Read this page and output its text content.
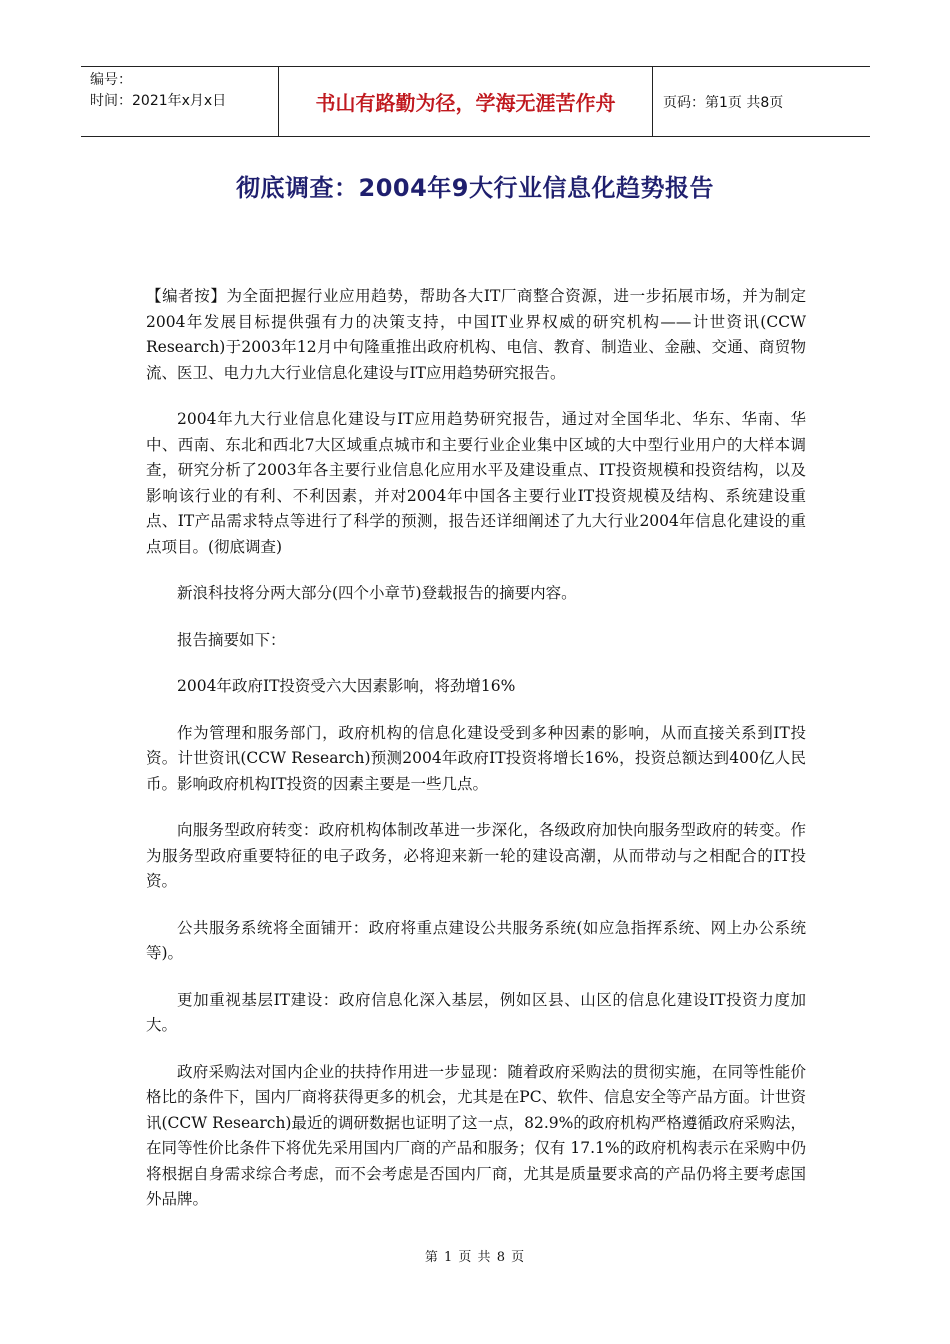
编号：
时间：2021年x月x日	书山有路勤为径，学海无涯苦作舟	页码：第1页 共8页
彻底调查：2004年9大行业信息化趋势报告

【编者按】为全面把握行业应用趋势，帮助各大IT厂商整合资源，进一步拓展市场，并为制定2004年发展目标提供强有力的决策支持，中国IT业界权威的研究机构——计世资讯(CCW Research)于2003年12月中旬隆重推出政府机构、电信、教育、制造业、金融、交通、商贸物流、医卫、电力九大行业信息化建设与IT应用趋势研究报告。

2004年九大行业信息化建设与IT应用趋势研究报告，通过对全国华北、华东、华南、华中、西南、东北和西北7大区域重点城市和主要行业企业集中区域的大中型行业用户的大样本调查，研究分析了2003年各主要行业信息化应用水平及建设重点、IT投资规模和投资结构，以及影响该行业的有利、不利因素，并对2004年中国各主要行业IT投资规模及结构、系统建设重点、IT产品需求特点等进行了科学的预测，报告还详细阐述了九大行业2004年信息化建设的重点项目。(彻底调查)

新浪科技将分两大部分(四个小章节)登载报告的摘要内容。

报告摘要如下：

2004年政府IT投资受六大因素影响，将劲增16%

作为管理和服务部门，政府机构的信息化建设受到多种因素的影响，从而直接关系到IT投资。计世资讯(CCW Research)预测2004年政府IT投资将增长16%，投资总额达到400亿人民币。影响政府机构IT投资的因素主要是一些几点。

向服务型政府转变：政府机构体制改革进一步深化，各级政府加快向服务型政府的转变。作为服务型政府重要特征的电子政务，必将迎来新一轮的建设高潮，从而带动与之相配合的IT投资。

公共服务系统将全面铺开：政府将重点建设公共服务系统(如应急指挥系统、网上办公系统等)。

更加重视基层IT建设：政府信息化深入基层，例如区县、山区的信息化建设IT投资力度加大。

政府采购法对国内企业的扶持作用进一步显现：随着政府采购法的贯彻实施，在同等性能价格比的条件下，国内厂商将获得更多的机会，尤其是在PC、软件、信息安全等产品方面。计世资讯(CCW Research)最近的调研数据也证明了这一点，82.9%的政府机构严格遵循政府采购法，在同等性价比条件下将优先采用国内厂商的产品和服务；仅有 17.1%的政府机构表示在采购中仍将根据自身需求综合考虑，而不会考虑是否国内厂商，尤其是质量要求高的产品仍将主要考虑国外品牌。

第 1 页 共 8 页
